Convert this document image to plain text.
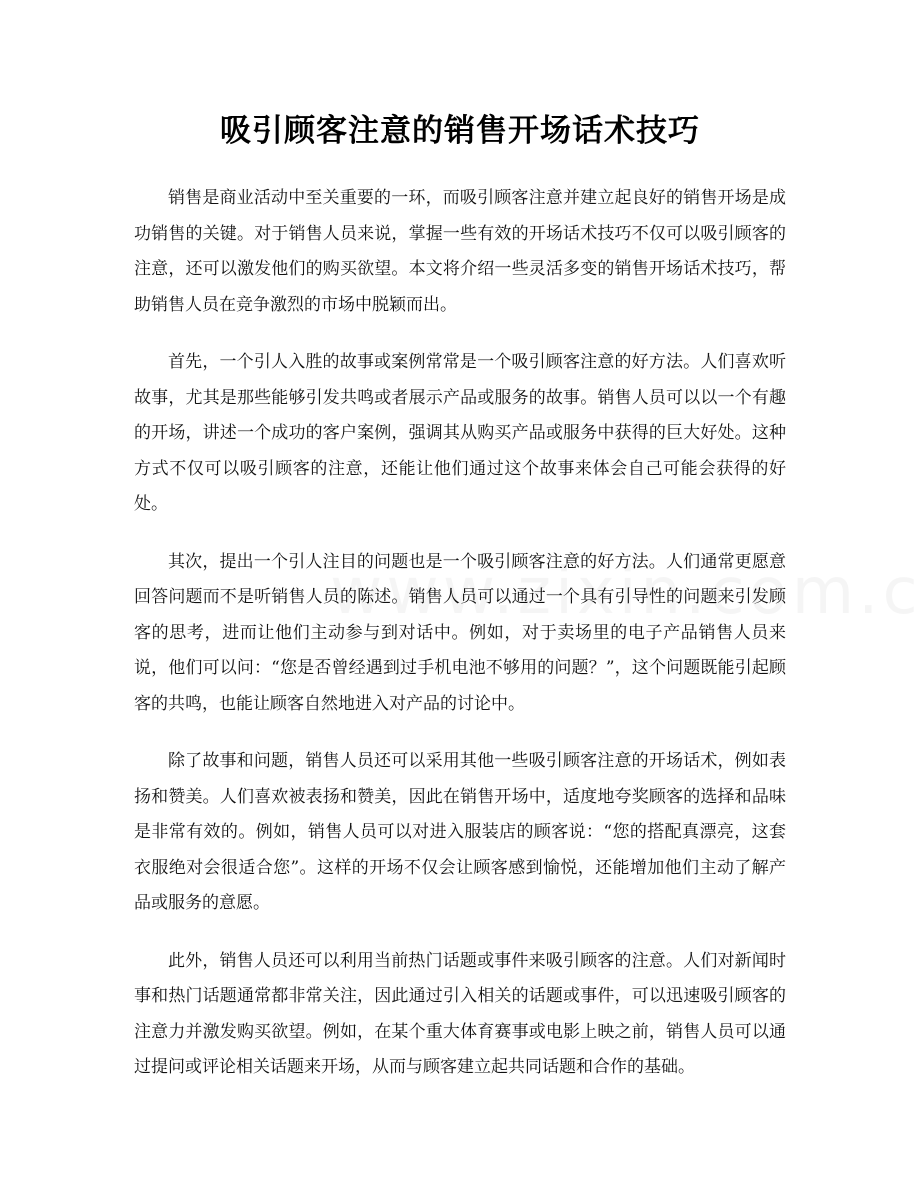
吸引顾客注意的销售开场话术技巧

销售是商业活动中至关重要的一环，而吸引顾客注意并建立起良好的销售开场是成功销售的关键。对于销售人员来说，掌握一些有效的开场话术技巧不仅可以吸引顾客的注意，还可以激发他们的购买欲望。本文将介绍一些灵活多变的销售开场话术技巧，帮助销售人员在竞争激烈的市场中脱颖而出。

首先，一个引人入胜的故事或案例常常是一个吸引顾客注意的好方法。人们喜欢听故事，尤其是那些能够引发共鸣或者展示产品或服务的故事。销售人员可以以一个有趣的开场，讲述一个成功的客户案例，强调其从购买产品或服务中获得的巨大好处。这种方式不仅可以吸引顾客的注意，还能让他们通过这个故事来体会自己可能会获得的好处。

其次，提出一个引人注目的问题也是一个吸引顾客注意的好方法。人们通常更愿意回答问题而不是听销售人员的陈述。销售人员可以通过一个具有引导性的问题来引发顾客的思考，进而让他们主动参与到对话中。例如，对于卖场里的电子产品销售人员来说，他们可以问：“您是否曾经遇到过手机电池不够用的问题？”，这个问题既能引起顾客的共鸣，也能让顾客自然地进入对产品的讨论中。

除了故事和问题，销售人员还可以采用其他一些吸引顾客注意的开场话术，例如表扬和赞美。人们喜欢被表扬和赞美，因此在销售开场中，适度地夸奖顾客的选择和品味是非常有效的。例如，销售人员可以对进入服装店的顾客说：“您的搭配真漂亮，这套衣服绝对会很适合您”。这样的开场不仅会让顾客感到愉悦，还能增加他们主动了解产品或服务的意愿。

此外，销售人员还可以利用当前热门话题或事件来吸引顾客的注意。人们对新闻时事和热门话题通常都非常关注，因此通过引入相关的话题或事件，可以迅速吸引顾客的注意力并激发购买欲望。例如，在某个重大体育赛事或电影上映之前，销售人员可以通过提问或评论相关话题来开场，从而与顾客建立起共同话题和合作的基础。
